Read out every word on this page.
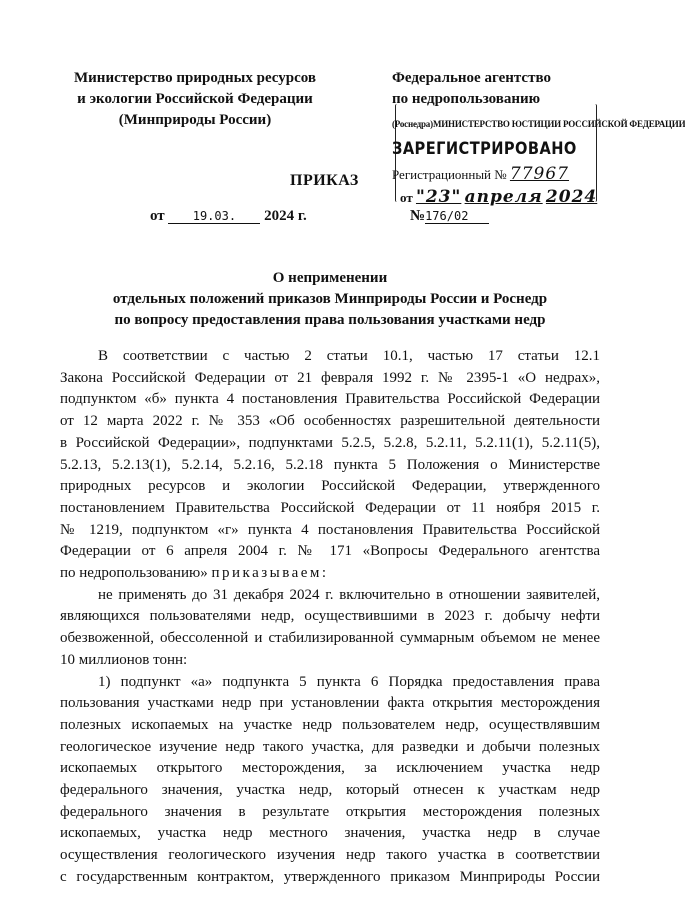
Министерство природных ресурсов
и экологии Российской Федерации
(Минприроды России)
Федеральное агентство
по недропользованию
(Роснедра) МИНИСТЕРСТВО ЮСТИЦИИ РОССИЙСКОЙ ФЕДЕРАЦИИ
ЗАРЕГИСТРИРОВАНО
Регистрационный № 77967
от "23" апреля 2024
ПРИКАЗ
от 19.03. 2024 г.	№176/02
О неприменении
отдельных положений приказов Минприроды России и Роснедр
по вопросу предоставления права пользования участками недр

В соответствии с частью 2 статьи 10.1, частью 17 статьи 12.1
Закона Российской Федерации от 21 февраля 1992 г. № 2395-1 «О недрах»,
подпунктом «б» пункта 4 постановления Правительства Российской Федерации
от 12 марта 2022 г. № 353 «Об особенностях разрешительной деятельности
в Российской Федерации», подпунктами 5.2.5, 5.2.8, 5.2.11, 5.2.11(1), 5.2.11(5),
5.2.13, 5.2.13(1), 5.2.14, 5.2.16, 5.2.18 пункта 5 Положения о Министерстве
природных ресурсов и экологии Российской Федерации, утвержденного
постановлением Правительства Российской Федерации от 11 ноября 2015 г.
№ 1219, подпунктом «г» пункта 4 постановления Правительства Российской
Федерации от 6 апреля 2004 г. № 171 «Вопросы Федерального агентства
по недропользованию» приказываем:

не применять до 31 декабря 2024 г. включительно в отношении заявителей,
являющихся пользователями недр, осуществившими в 2023 г. добычу нефти
обезвоженной, обессоленной и стабилизированной суммарным объемом не менее
10 миллионов тонн:

1) подпункт «а» подпункта 5 пункта 6 Порядка предоставления права
пользования участками недр при установлении факта открытия месторождения
полезных ископаемых на участке недр пользователем недр, осуществлявшим
геологическое изучение недр такого участка, для разведки и добычи полезных
ископаемых открытого месторождения, за исключением участка недр
федерального значения, участка недр, который отнесен к участкам недр
федерального значения в результате открытия месторождения полезных
ископаемых, участка недр местного значения, участка недр в случае
осуществления геологического изучения недр такого участка в соответствии
с государственным контрактом, утвержденного приказом Минприроды России
